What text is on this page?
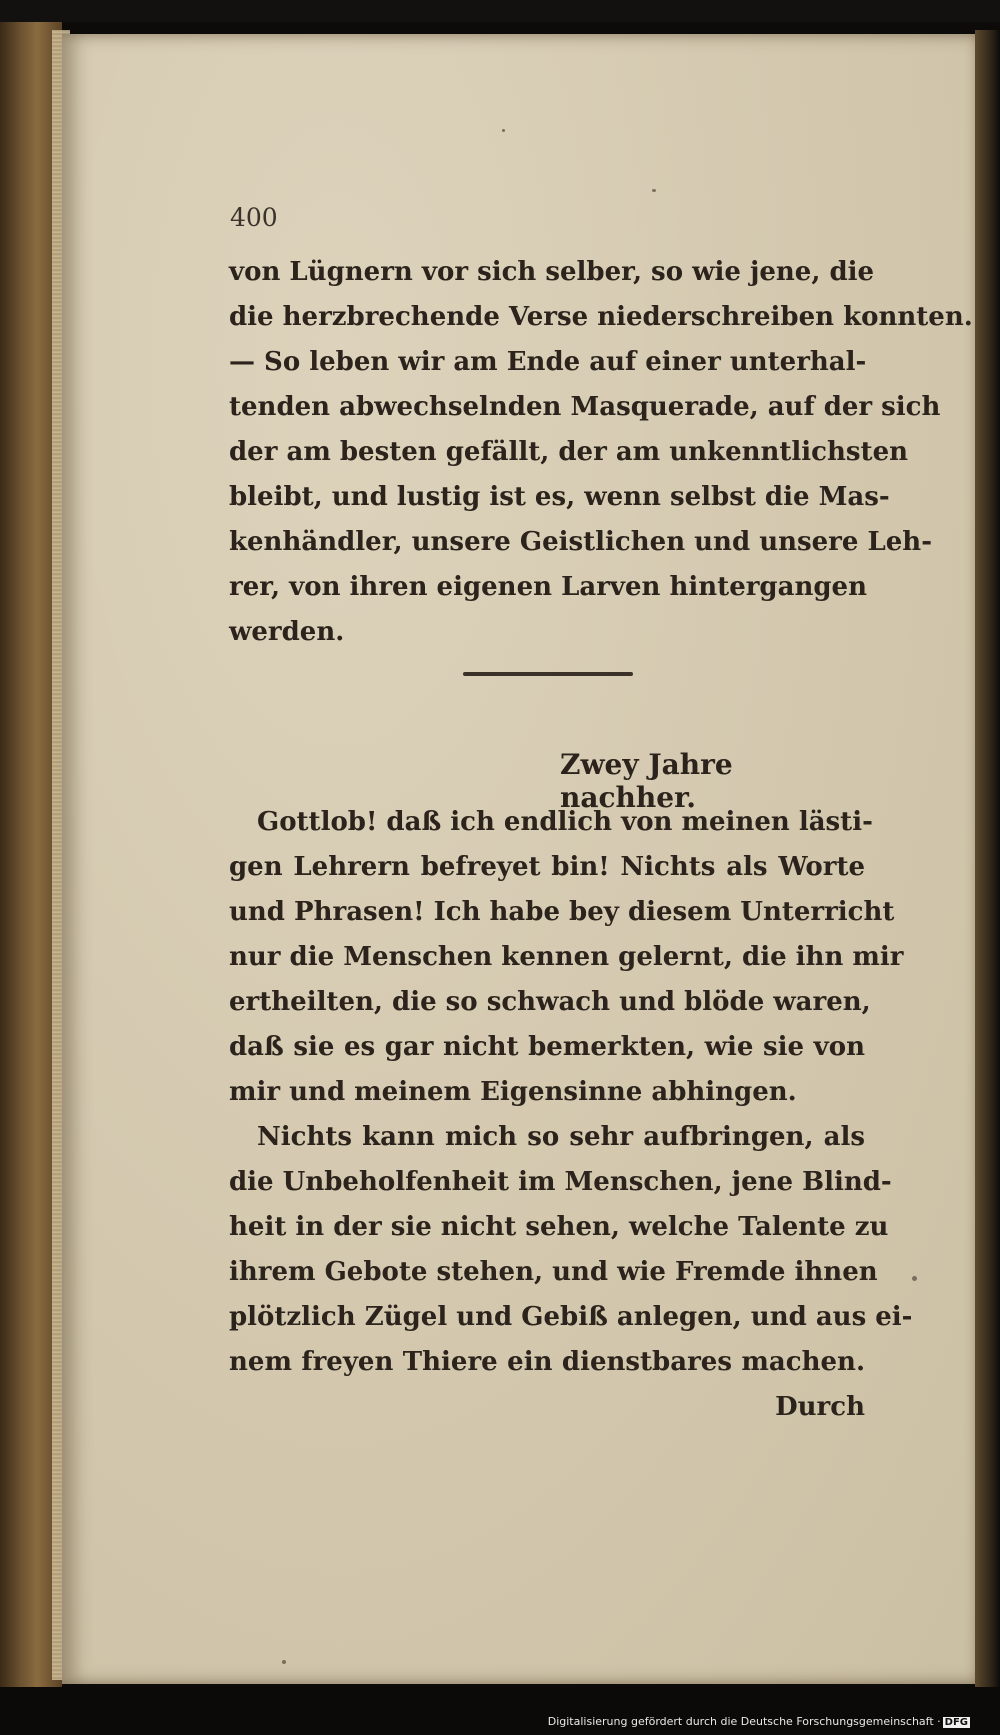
400
von Lügnern vor sich selber, so wie jene, die
die herzbrechende Verse niederschreiben konnten.
— So leben wir am Ende auf einer unterhal-
tenden abwechselnden Masquerade, auf der sich
der am besten gefällt, der am unkenntlichsten
bleibt, und lustig ist es, wenn selbst die Mas-
kenhändler, unsere Geistlichen und unsere Leh-
rer, von ihren eigenen Larven hintergangen
werden.
Zwey Jahre nachher.
Gottlob! daß ich endlich von meinen lästi-
gen Lehrern befreyet bin! Nichts als Worte
und Phrasen! Ich habe bey diesem Unterricht
nur die Menschen kennen gelernt, die ihn mir
ertheilten, die so schwach und blöde waren,
daß sie es gar nicht bemerkten, wie sie von
mir und meinem Eigensinne abhingen.
Nichts kann mich so sehr aufbringen, als
die Unbeholfenheit im Menschen, jene Blind-
heit in der sie nicht sehen, welche Talente zu
ihrem Gebote stehen, und wie Fremde ihnen
plötzlich Zügel und Gebiß anlegen, und aus ei-
nem freyen Thiere ein dienstbares machen.
Durch
Digitalisierung gefördert durch die Deutsche Forschungsgemeinschaft · DFG
